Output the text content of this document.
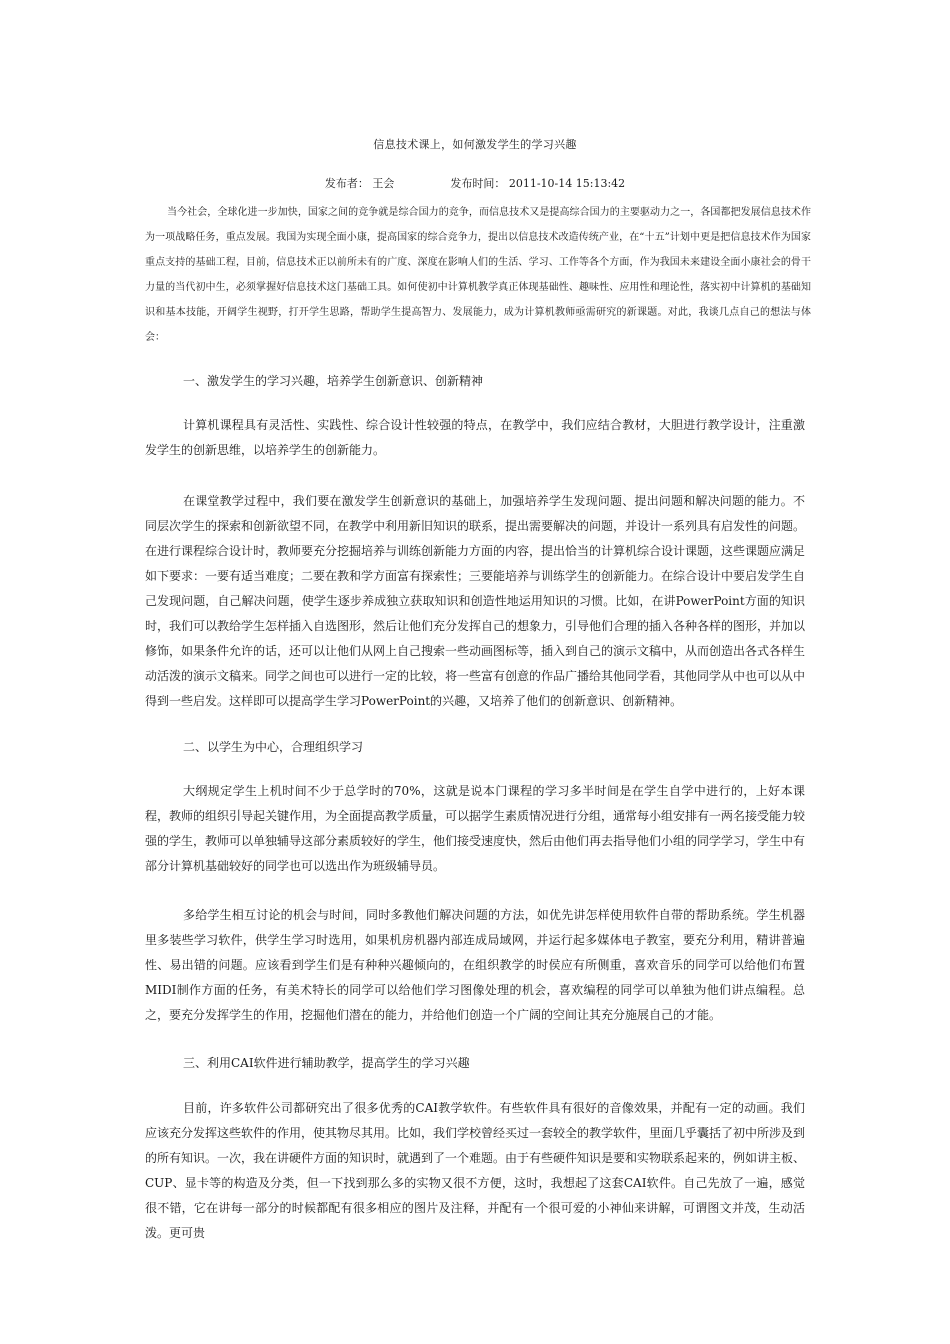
信息技术课上，如何激发学生的学习兴趣
发布者： 王会	发布时间： 2011-10-14 15:13:42

当今社会，全球化进一步加快，国家之间的竞争就是综合国力的竞争，而信息技术又是提高综合国力的主要驱动力之一，各国都把发展信息技术作为一项战略任务，重点发展。我国为实现全面小康，提高国家的综合竞争力，提出以信息技术改造传统产业，在“十五”计划中更是把信息技术作为国家重点支持的基础工程，目前，信息技术正以前所未有的广度、深度在影响人们的生活、学习、工作等各个方面，作为我国未来建设全面小康社会的骨干力量的当代初中生，必须掌握好信息技术这门基础工具。如何使初中计算机教学真正体现基础性、趣味性、应用性和理论性，落实初中计算机的基础知识和基本技能，开阔学生视野，打开学生思路，帮助学生提高智力、发展能力，成为计算机教师亟需研究的新课题。对此，我谈几点自己的想法与体会：

一、激发学生的学习兴趣，培养学生创新意识、创新精神

计算机课程具有灵活性、实践性、综合设计性较强的特点，在教学中，我们应结合教材，大胆进行教学设计，注重激发学生的创新思维，以培养学生的创新能力。

在课堂教学过程中，我们要在激发学生创新意识的基础上，加强培养学生发现问题、提出问题和解决问题的能力。不同层次学生的探索和创新欲望不同，在教学中利用新旧知识的联系，提出需要解决的问题，并设计一系列具有启发性的问题。在进行课程综合设计时，教师要充分挖掘培养与训练创新能力方面的内容，提出恰当的计算机综合设计课题，这些课题应满足如下要求：一要有适当难度；二要在教和学方面富有探索性；三要能培养与训练学生的创新能力。在综合设计中要启发学生自己发现问题，自己解决问题，使学生逐步养成独立获取知识和创造性地运用知识的习惯。比如，在讲PowerPoint方面的知识时，我们可以教给学生怎样插入自选图形，然后让他们充分发挥自己的想象力，引导他们合理的插入各种各样的图形，并加以修饰，如果条件允许的话，还可以让他们从网上自己搜索一些动画图标等，插入到自己的演示文稿中，从而创造出各式各样生动活泼的演示文稿来。同学之间也可以进行一定的比较，将一些富有创意的作品广播给其他同学看，其他同学从中也可以从中得到一些启发。这样即可以提高学生学习PowerPoint的兴趣，又培养了他们的创新意识、创新精神。

二、以学生为中心，合理组织学习

大纲规定学生上机时间不少于总学时的70%，这就是说本门课程的学习多半时间是在学生自学中进行的，上好本课程，教师的组织引导起关键作用，为全面提高教学质量，可以据学生素质情况进行分组，通常每小组安排有一两名接受能力较强的学生，教师可以单独辅导这部分素质较好的学生，他们接受速度快，然后由他们再去指导他们小组的同学学习，学生中有部分计算机基础较好的同学也可以选出作为班级辅导员。

多给学生相互讨论的机会与时间，同时多教他们解决问题的方法，如优先讲怎样使用软件自带的帮助系统。学生机器里多装些学习软件，供学生学习时选用，如果机房机器内部连成局域网，并运行起多媒体电子教室，要充分利用，精讲普遍性、易出错的问题。应该看到学生们是有种种兴趣倾向的，在组织教学的时侯应有所侧重，喜欢音乐的同学可以给他们布置MIDI制作方面的任务，有美术特长的同学可以给他们学习图像处理的机会，喜欢编程的同学可以单独为他们讲点编程。总之，要充分发挥学生的作用，挖掘他们潜在的能力，并给他们创造一个广阔的空间让其充分施展自己的才能。

三、利用CAI软件进行辅助教学，提高学生的学习兴趣

目前，许多软件公司都研究出了很多优秀的CAI教学软件。有些软件具有很好的音像效果，并配有一定的动画。我们应该充分发挥这些软件的作用，使其物尽其用。比如，我们学校曾经买过一套较全的教学软件，里面几乎囊括了初中所涉及到的所有知识。一次，我在讲硬件方面的知识时，就遇到了一个难题。由于有些硬件知识是要和实物联系起来的，例如讲主板、CUP、显卡等的构造及分类，但一下找到那么多的实物又很不方便，这时，我想起了这套CAI软件。自己先放了一遍，感觉很不错，它在讲每一部分的时候都配有很多相应的图片及注释，并配有一个很可爱的小神仙来讲解，可谓图文并茂，生动活泼。更可贵
